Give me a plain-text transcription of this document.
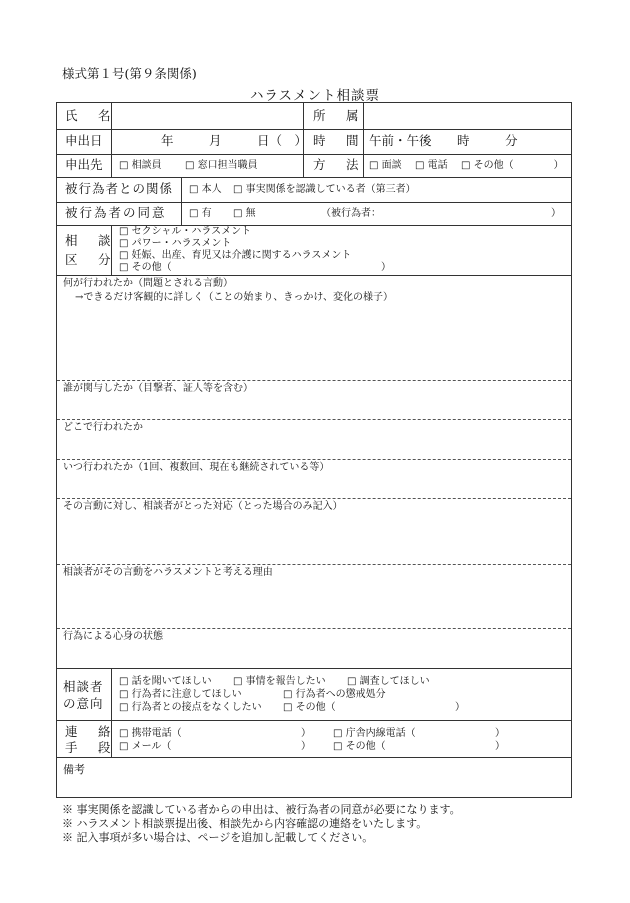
様式第１号(第９条関係)
ハラスメント相談票
氏　名	所　属
申出日	年	月	日（　） 時　間 午前・午後 時	分
申出先 □ 相談員 □ 窓口担当職員	方　法 □ 面談 □ 電話 □ その他（　　　　）
被行為者との関係 □ 本人 □ 事実関係を認識している者（第三者）
被行為者の同意 □ 有 □ 無	（被行為者：	）
相　談
区　分
□ セクシャル・ハラスメント
□ パワー・ハラスメント
□ 妊娠、出産、育児又は介護に関するハラスメント
□ その他（	）
何が行われたか（問題とされる言動）
→できるだけ客観的に詳しく（ことの始まり、きっかけ、変化の様子）
誰が関与したか（目撃者、証人等を含む）
どこで行われたか
いつ行われたか（1回、複数回、現在も継続されている等）
その言動に対し、相談者がとった対応（とった場合のみ記入）
相談者がその言動をハラスメントと考える理由
行為による心身の状態
相談者
の意向
□ 話を聞いてほしい □ 事情を報告したい □ 調査してほしい
□ 行為者に注意してほしい	□ 行為者への懲戒処分
□ 行為者との接点をなくしたい □ その他（	）
連　絡
手　段
□ 携帯電話（	） □ 庁舎内線電話（	）
□ メール（	） □ その他（	）
備考
※ 事実関係を認識している者からの申出は、被行為者の同意が必要になります。
※ ハラスメント相談票提出後、相談先から内容確認の連絡をいたします。
※ 記入事項が多い場合は、ページを追加し記載してください。
